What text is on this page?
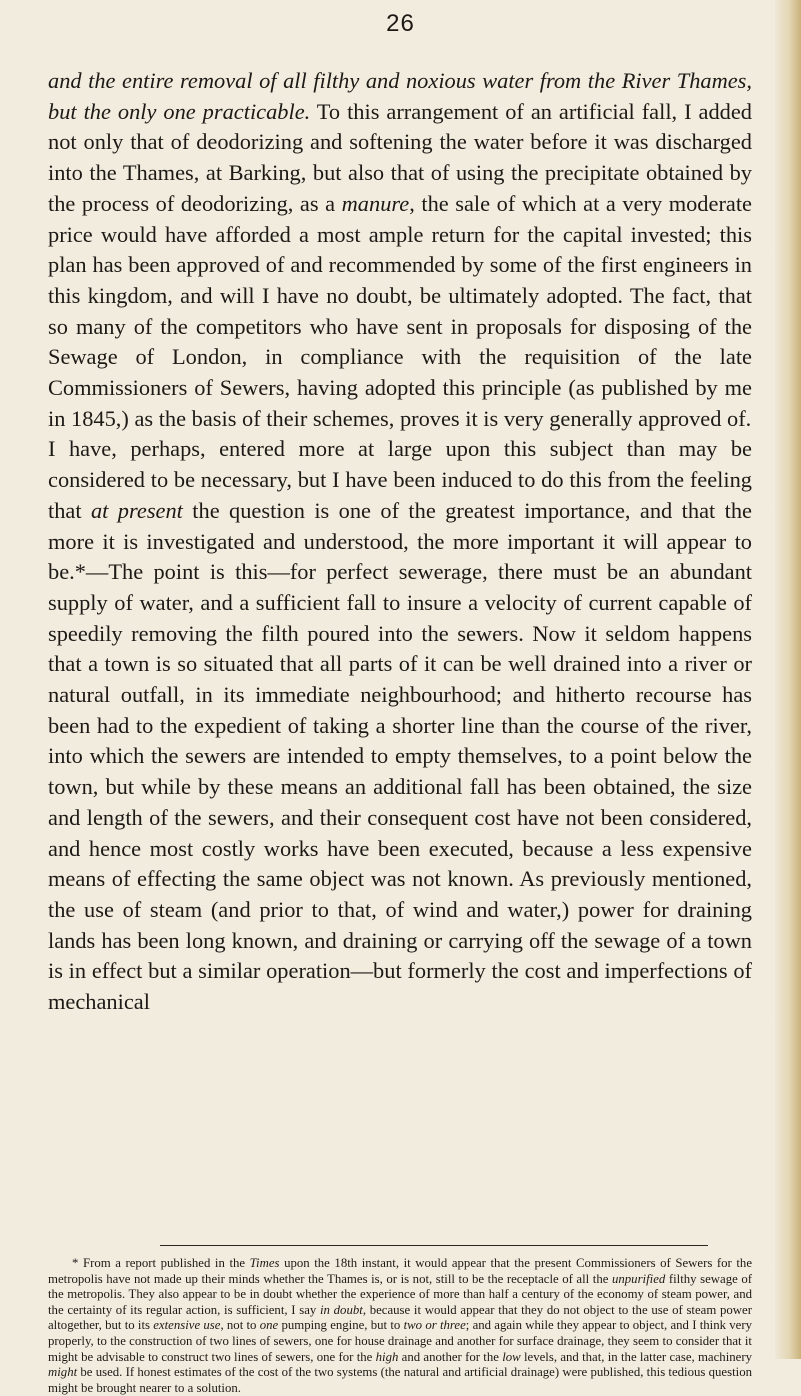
26

and the entire removal of all filthy and noxious water from the River Thames, but the only one practicable. To this arrangement of an artificial fall, I added not only that of deodorizing and softening the water before it was discharged into the Thames, at Barking, but also that of using the precipitate obtained by the process of deodorizing, as a manure, the sale of which at a very moderate price would have afforded a most ample return for the capital invested; this plan has been approved of and recommended by some of the first engineers in this kingdom, and will I have no doubt, be ultimately adopted. The fact, that so many of the competitors who have sent in proposals for disposing of the Sewage of London, in compliance with the requisition of the late Commissioners of Sewers, having adopted this principle (as published by me in 1845,) as the basis of their schemes, proves it is very generally approved of.

I have, perhaps, entered more at large upon this subject than may be considered to be necessary, but I have been induced to do this from the feeling that at present the question is one of the greatest importance, and that the more it is investigated and understood, the more important it will appear to be.*—The point is this—for perfect sewerage, there must be an abundant supply of water, and a sufficient fall to insure a velocity of current capable of speedily removing the filth poured into the sewers. Now it seldom happens that a town is so situated that all parts of it can be well drained into a river or natural outfall, in its immediate neighbourhood; and hitherto recourse has been had to the expedient of taking a shorter line than the course of the river, into which the sewers are intended to empty themselves, to a point below the town, but while by these means an additional fall has been obtained, the size and length of the sewers, and their consequent cost have not been considered, and hence most costly works have been executed, because a less expensive means of effecting the same object was not known. As previously mentioned, the use of steam (and prior to that, of wind and water,) power for draining lands has been long known, and draining or carrying off the sewage of a town is in effect but a similar operation—but formerly the cost and imperfections of mechanical

* From a report published in the Times upon the 18th instant, it would appear that the present Commissioners of Sewers for the metropolis have not made up their minds whether the Thames is, or is not, still to be the receptacle of all the unpurified filthy sewage of the metropolis. They also appear to be in doubt whether the experience of more than half a century of the economy of steam power, and the certainty of its regular action, is sufficient, I say in doubt, because it would appear that they do not object to the use of steam power altogether, but to its extensive use, not to one pumping engine, but to two or three; and again while they appear to object, and I think very properly, to the construction of two lines of sewers, one for house drainage and another for surface drainage, they seem to consider that it might be advisable to construct two lines of sewers, one for the high and another for the low levels, and that, in the latter case, machinery might be used. If honest estimates of the cost of the two systems (the natural and artificial drainage) were published, this tedious question might be brought nearer to a solution.
